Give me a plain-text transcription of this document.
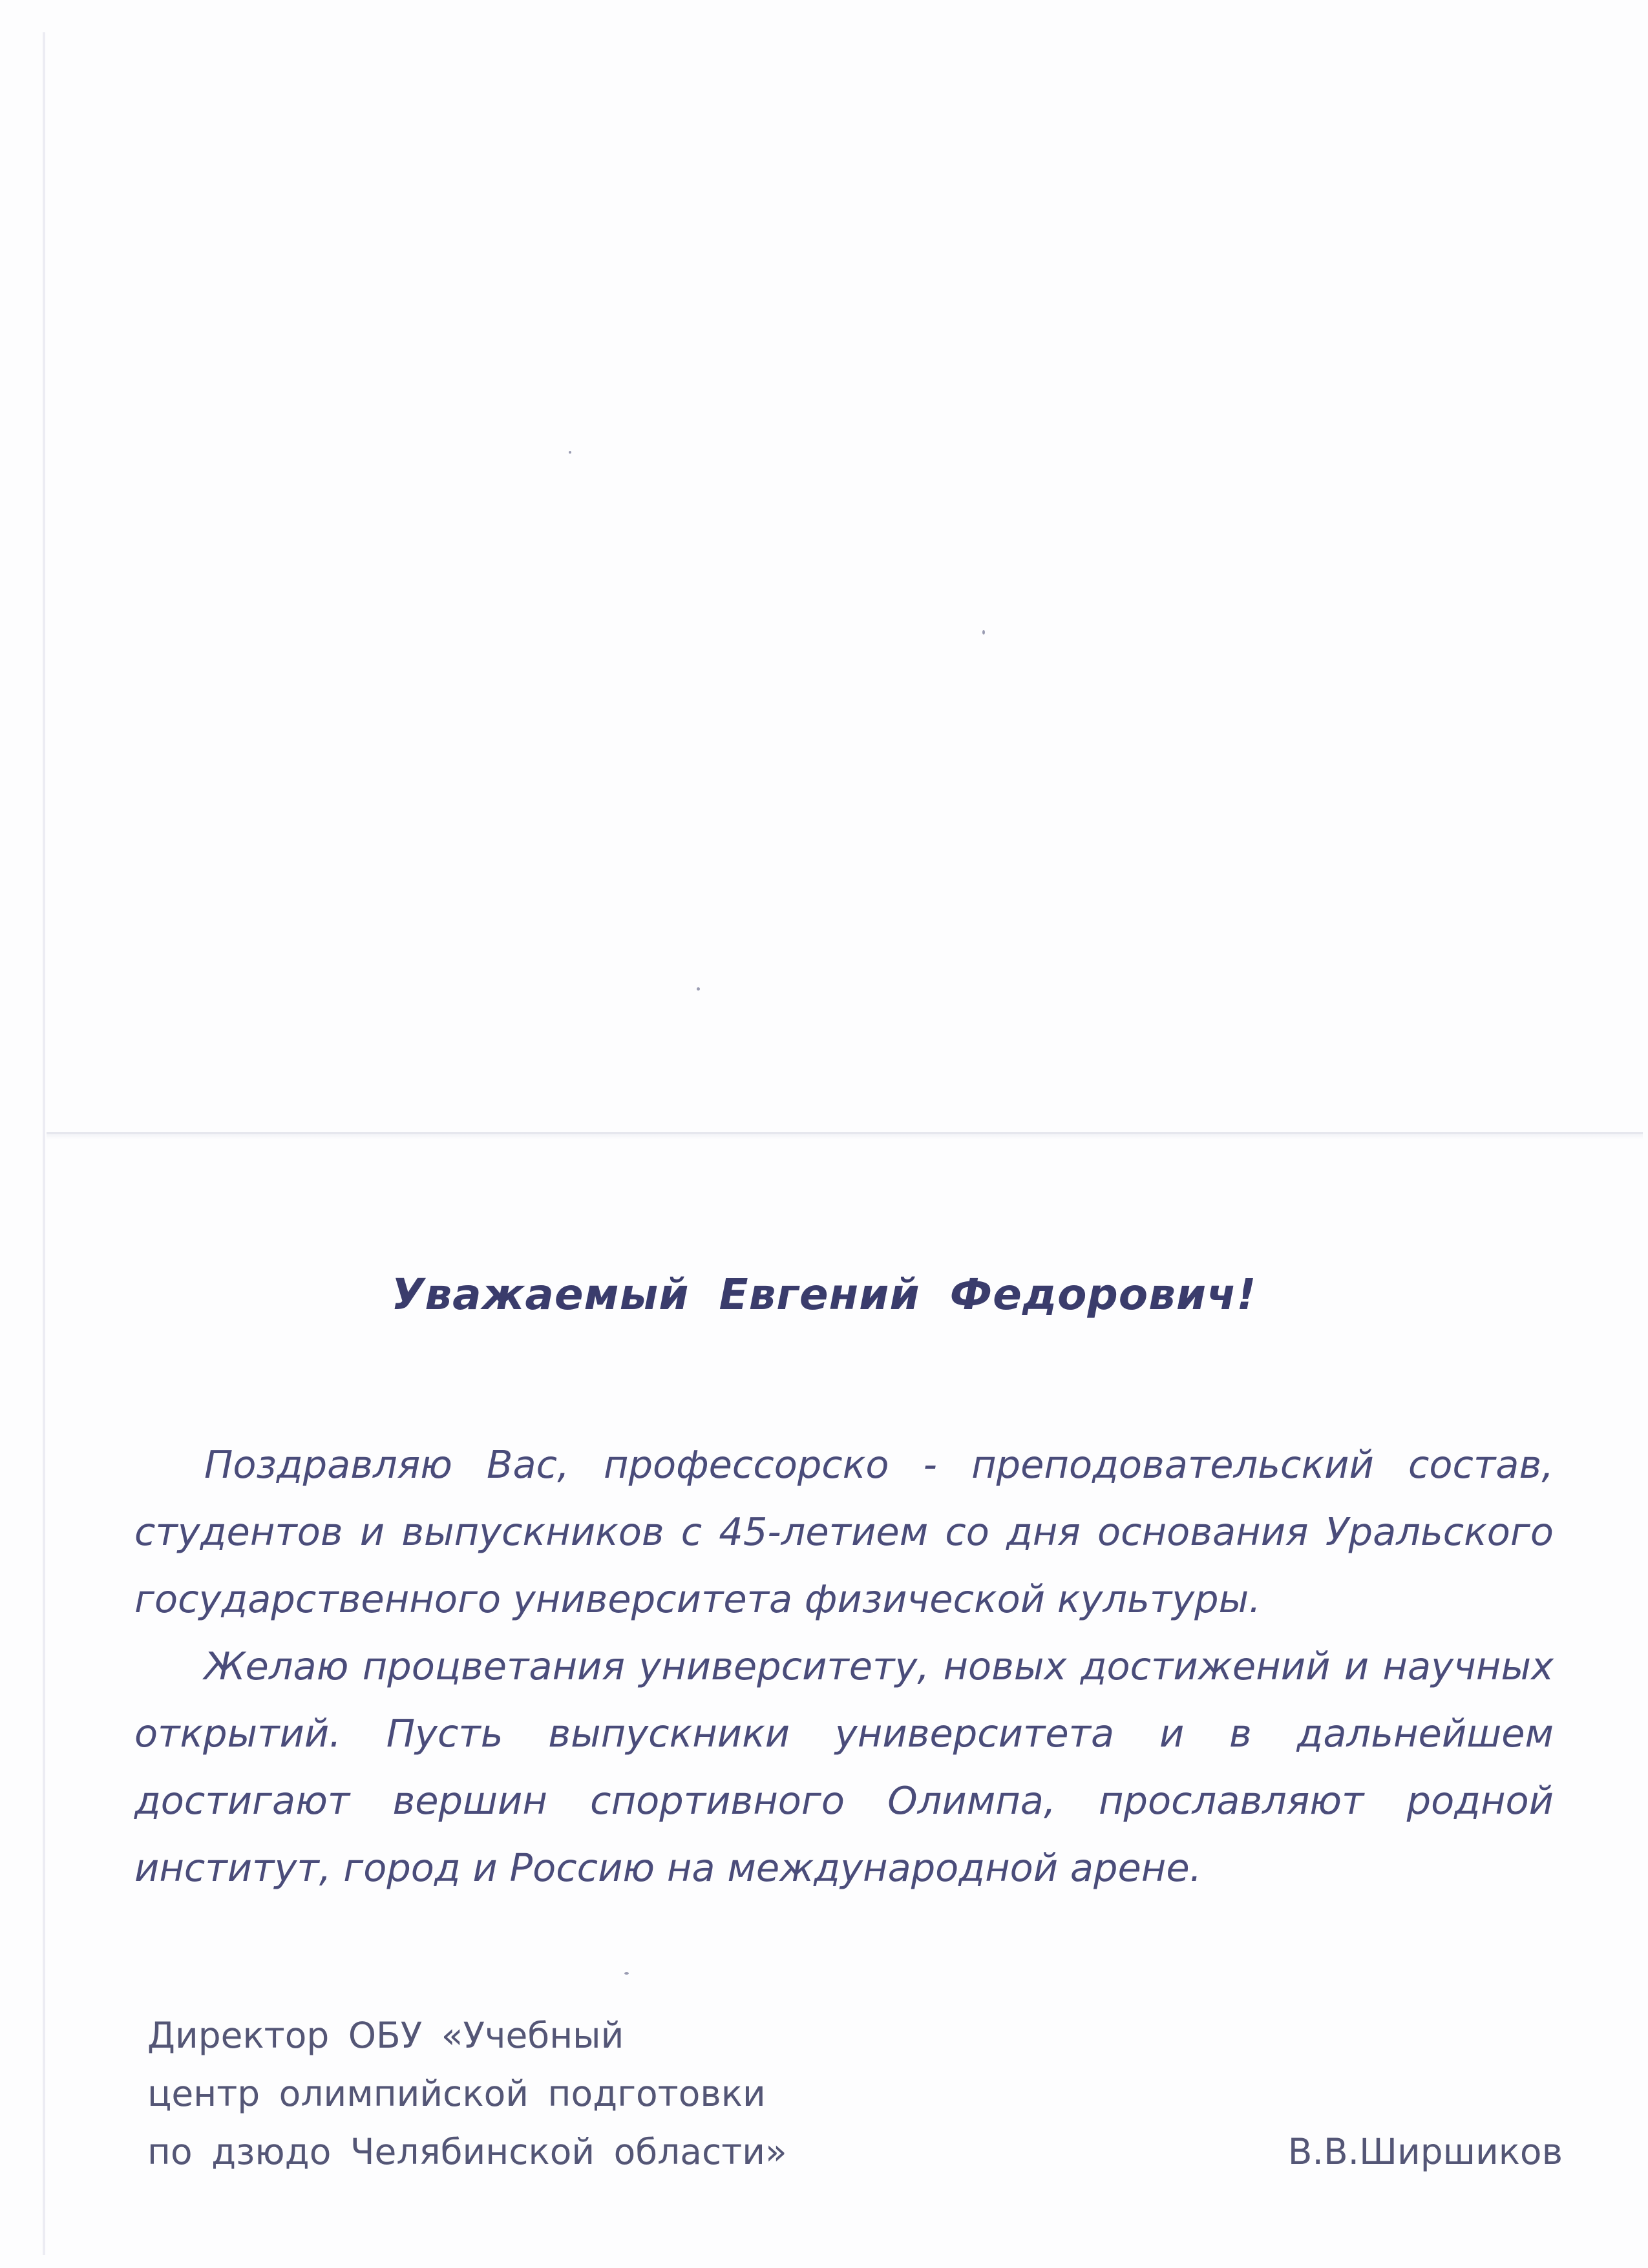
Уважаемый Евгений Федорович!

Поздравляю Вас, профессорско - преподовательский состав, студентов и выпускников с 45-летием со дня основания Уральского государственного университета физической культуры.

Желаю процветания университету, новых достижений и научных открытий. Пусть выпускники университета и в дальнейшем достигают вершин спортивного Олимпа, прославляют родной институт, город и Россию на международной арене.

Директор ОБУ «Учебный
центр олимпийской подготовки
по дзюдо Челябинской области»	В.В.Ширшиков
